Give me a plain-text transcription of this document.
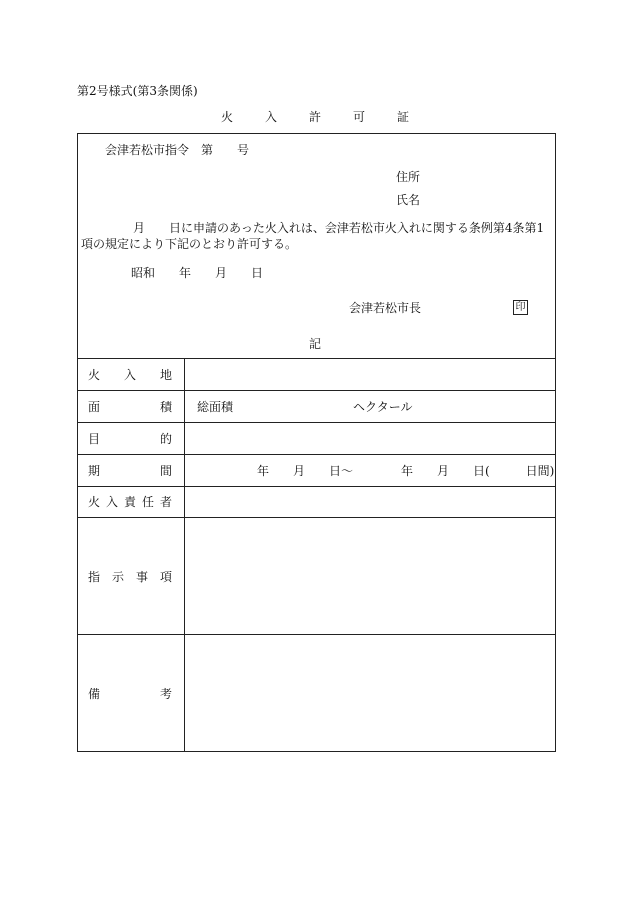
第2号様式(第3条関係)
火入許可証
会津若松市指令　第　　号
住所
氏名
月　　日に申請のあった火入れは、会津若松市火入れに関する条例第4条第1項の規定により下記のとおり許可する。
昭和　　年　　月　　日
会津若松市長	印
記
火 入 地
面	積 総面積　　　　　　　　　　ヘクタール
目	的
期	間 　　　　　年　　月　　日〜　　　　年　　月　　日(　　　日間)
火 入 責 任 者
指 示 事 項
備	考
